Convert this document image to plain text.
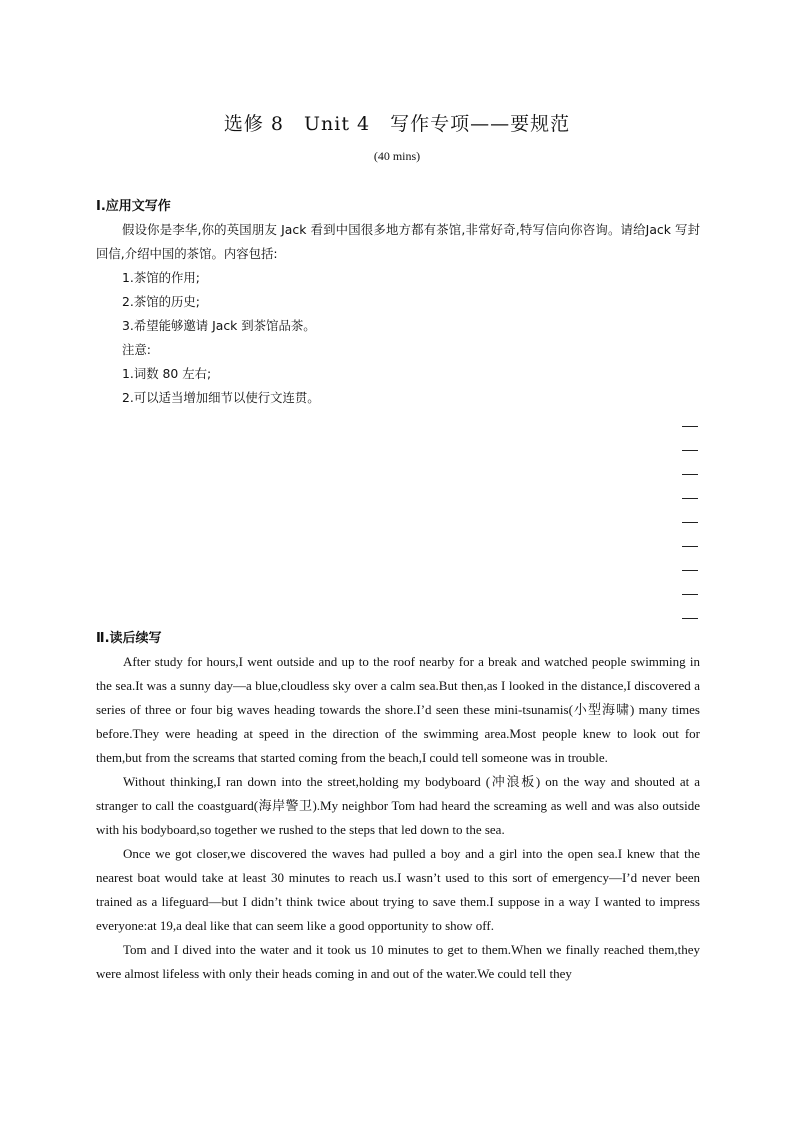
选修 8　Unit 4　写作专项——要规范
(40 mins)
Ⅰ.应用文写作
假设你是李华,你的英国朋友 Jack 看到中国很多地方都有茶馆,非常好奇,特写信向你咨询。请给Jack 写封回信,介绍中国的茶馆。内容包括:
1.茶馆的作用;
2.茶馆的历史;
3.希望能够邀请 Jack 到茶馆品茶。
注意:
1.词数 80 左右;
2.可以适当增加细节以使行文连贯。
Ⅱ.读后续写

After study for hours,I went outside and up to the roof nearby for a break and watched people swimming in the sea.It was a sunny day—a blue,cloudless sky over a calm sea.But then,as I looked in the distance,I discovered a series of three or four big waves heading towards the shore.I’d seen these mini-tsunamis(小型海啸) many times before.They were heading at speed in the direction of the swimming area.Most people knew to look out for them,but from the screams that started coming from the beach,I could tell someone was in trouble.

Without thinking,I ran down into the street,holding my bodyboard (冲浪板) on the way and shouted at a stranger to call the coastguard(海岸警卫).My neighbor Tom had heard the screaming as well and was also outside with his bodyboard,so together we rushed to the steps that led down to the sea.

Once we got closer,we discovered the waves had pulled a boy and a girl into the open sea.I knew that the nearest boat would take at least 30 minutes to reach us.I wasn’t used to this sort of emergency—I’d never been trained as a lifeguard—but I didn’t think twice about trying to save them.I suppose in a way I wanted to impress everyone:at 19,a deal like that can seem like a good opportunity to show off.

Tom and I dived into the water and it took us 10 minutes to get to them.When we finally reached them,they were almost lifeless with only their heads coming in and out of the water.We could tell they
